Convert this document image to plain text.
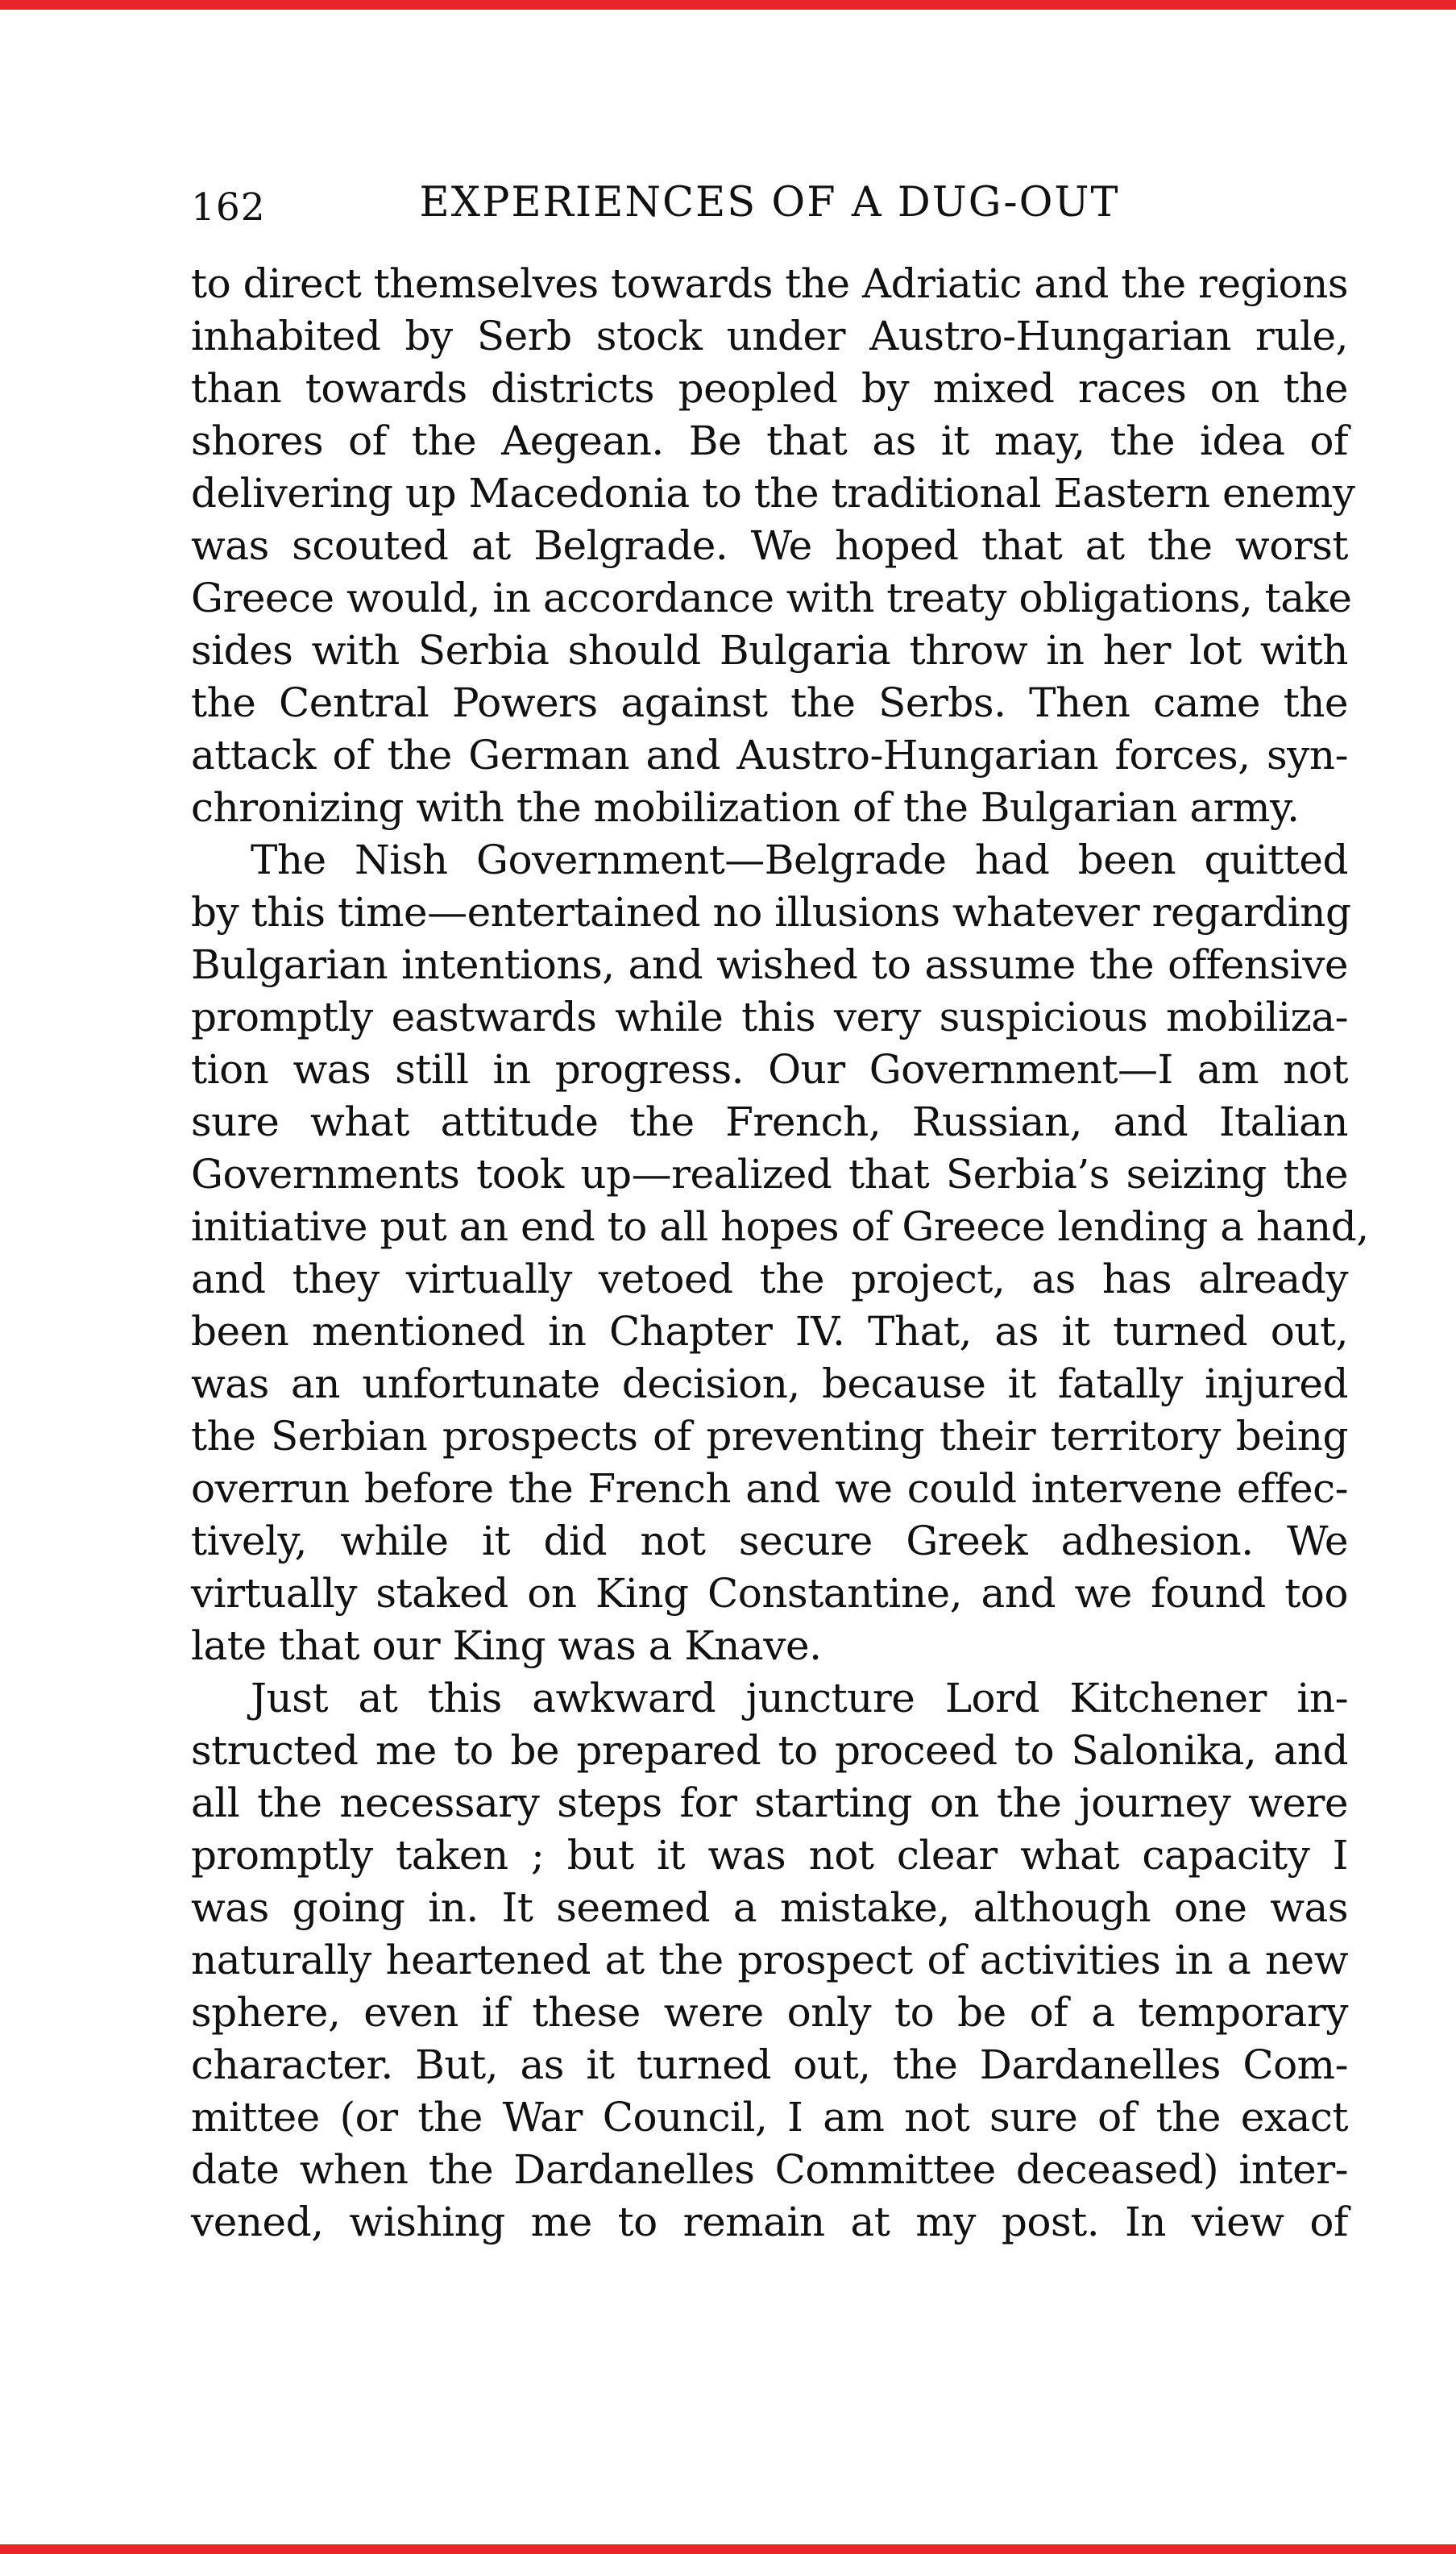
162	EXPERIENCES OF A DUG-OUT
to direct themselves towards the Adriatic and the regions
inhabited by Serb stock under Austro-Hungarian rule,
than towards districts peopled by mixed races on the
shores of the Aegean. Be that as it may, the idea of
delivering up Macedonia to the traditional Eastern enemy
was scouted at Belgrade. We hoped that at the worst
Greece would, in accordance with treaty obligations, take
sides with Serbia should Bulgaria throw in her lot with
the Central Powers against the Serbs. Then came the
attack of the German and Austro-Hungarian forces, syn-
chronizing with the mobilization of the Bulgarian army.
The Nish Government—Belgrade had been quitted
by this time—entertained no illusions whatever regarding
Bulgarian intentions, and wished to assume the offensive
promptly eastwards while this very suspicious mobiliza-
tion was still in progress. Our Government—I am not
sure what attitude the French, Russian, and Italian
Governments took up—realized that Serbia’s seizing the
initiative put an end to all hopes of Greece lending a hand,
and they virtually vetoed the project, as has already
been mentioned in Chapter IV. That, as it turned out,
was an unfortunate decision, because it fatally injured
the Serbian prospects of preventing their territory being
overrun before the French and we could intervene effec-
tively, while it did not secure Greek adhesion. We
virtually staked on King Constantine, and we found too
late that our King was a Knave.
Just at this awkward juncture Lord Kitchener in-
structed me to be prepared to proceed to Salonika, and
all the necessary steps for starting on the journey were
promptly taken ; but it was not clear what capacity I
was going in. It seemed a mistake, although one was
naturally heartened at the prospect of activities in a new
sphere, even if these were only to be of a temporary
character. But, as it turned out, the Dardanelles Com-
mittee (or the War Council, I am not sure of the exact
date when the Dardanelles Committee deceased) inter-
vened, wishing me to remain at my post. In view of
